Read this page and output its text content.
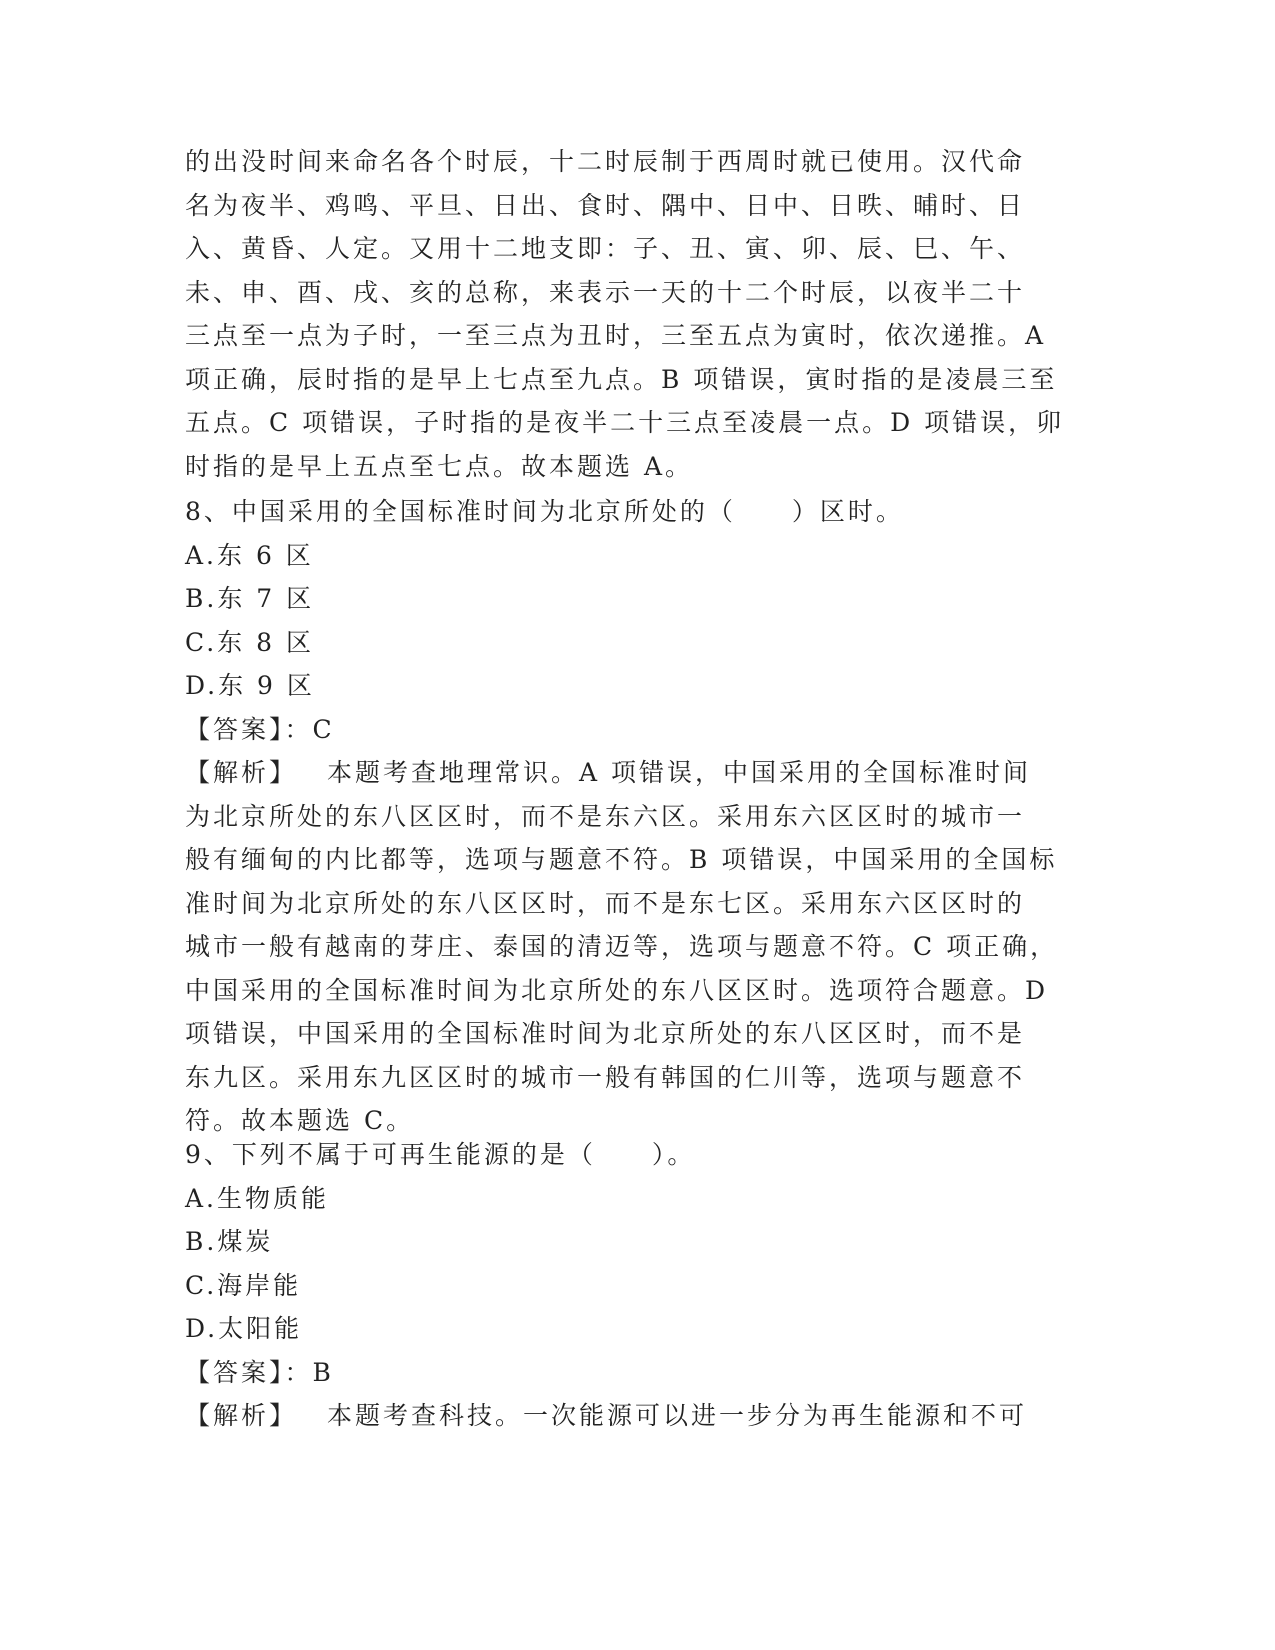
的出没时间来命名各个时辰，十二时辰制于西周时就已使用。汉代命
名为夜半、鸡鸣、平旦、日出、食时、隅中、日中、日昳、晡时、日
入、黄昏、人定。又用十二地支即：子、丑、寅、卯、辰、巳、午、
未、申、酉、戌、亥的总称，来表示一天的十二个时辰，以夜半二十
三点至一点为子时，一至三点为丑时，三至五点为寅时，依次递推。A
项正确，辰时指的是早上七点至九点。B 项错误，寅时指的是凌晨三至
五点。C 项错误，子时指的是夜半二十三点至凌晨一点。D 项错误，卯
时指的是早上五点至七点。故本题选 A。
8、中国采用的全国标准时间为北京所处的（　　）区时。
A.东 6 区
B.东 7 区
C.东 8 区
D.东 9 区
【答案】：C
【解析】 本题考查地理常识。A 项错误，中国采用的全国标准时间
为北京所处的东八区区时，而不是东六区。采用东六区区时的城市一
般有缅甸的内比都等，选项与题意不符。B 项错误，中国采用的全国标
准时间为北京所处的东八区区时，而不是东七区。采用东六区区时的
城市一般有越南的芽庄、泰国的清迈等，选项与题意不符。C 项正确，
中国采用的全国标准时间为北京所处的东八区区时。选项符合题意。D
项错误，中国采用的全国标准时间为北京所处的东八区区时，而不是
东九区。采用东九区区时的城市一般有韩国的仁川等，选项与题意不
符。故本题选 C。
9、下列不属于可再生能源的是（　　）。
A.生物质能
B.煤炭
C.海岸能
D.太阳能
【答案】：B
【解析】 本题考查科技。一次能源可以进一步分为再生能源和不可
